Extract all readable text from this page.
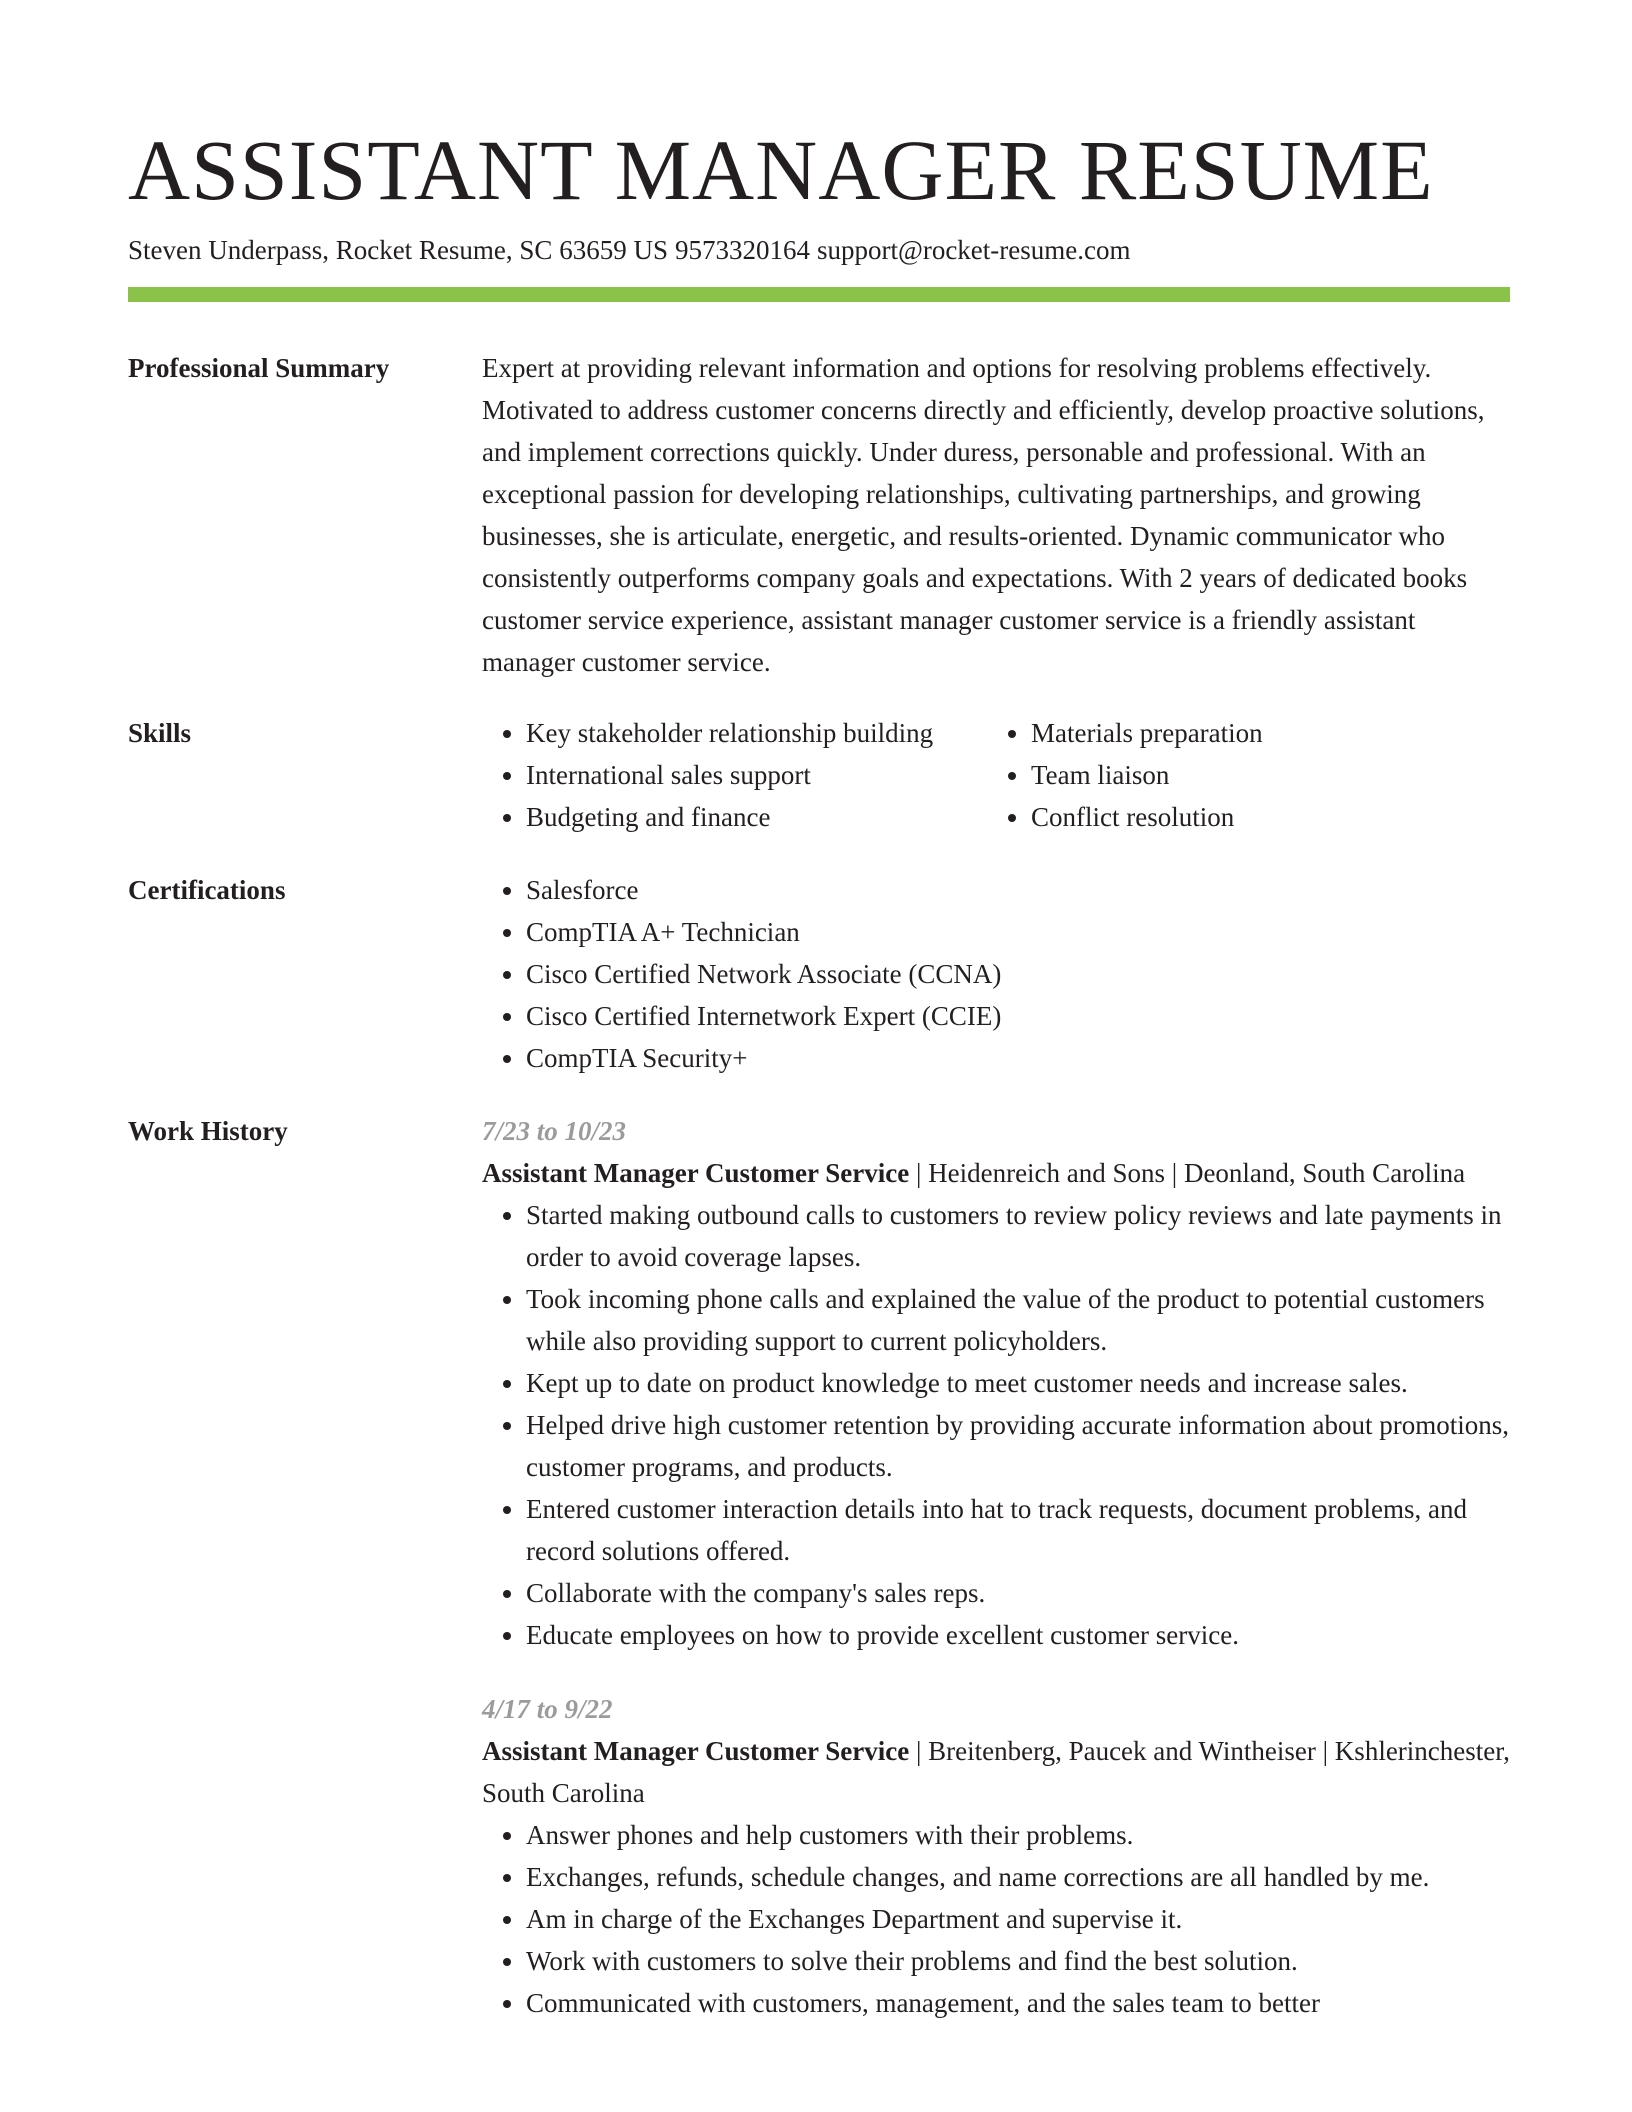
ASSISTANT MANAGER RESUME
Steven Underpass, Rocket Resume, SC 63659 US 9573320164 support@rocket-resume.com
Professional Summary	Expert at providing relevant information and options for resolving problems effectively. Motivated to address customer concerns directly and efficiently, develop proactive solutions, and implement corrections quickly. Under duress, personable and professional. With an exceptional passion for developing relationships, cultivating partnerships, and growing businesses, she is articulate, energetic, and results-oriented. Dynamic communicator who consistently outperforms company goals and expectations. With 2 years of dedicated books customer service experience, assistant manager customer service is a friendly assistant manager customer service.

Skills	• Key stakeholder relationship building
• International sales support
• Budgeting and finance
• Materials preparation
• Team liaison
• Conflict resolution
Certifications	• Salesforce
• CompTIA A+ Technician
• Cisco Certified Network Associate (CCNA)
• Cisco Certified Internetwork Expert (CCIE)
• CompTIA Security+
Work History	7/23 to 10/23
Assistant Manager Customer Service | Heidenreich and Sons | Deonland, South Carolina
• Started making outbound calls to customers to review policy reviews and late payments in order to avoid coverage lapses.
• Took incoming phone calls and explained the value of the product to potential customers while also providing support to current policyholders.
• Kept up to date on product knowledge to meet customer needs and increase sales.
• Helped drive high customer retention by providing accurate information about promotions, customer programs, and products.
• Entered customer interaction details into hat to track requests, document problems, and record solutions offered.
• Collaborate with the company's sales reps.
• Educate employees on how to provide excellent customer service.
4/17 to 9/22
Assistant Manager Customer Service | Breitenberg, Paucek and Wintheiser | Kshlerinchester, South Carolina
• Answer phones and help customers with their problems.
• Exchanges, refunds, schedule changes, and name corrections are all handled by me.
• Am in charge of the Exchanges Department and supervise it.
• Work with customers to solve their problems and find the best solution.
• Communicated with customers, management, and the sales team to better
